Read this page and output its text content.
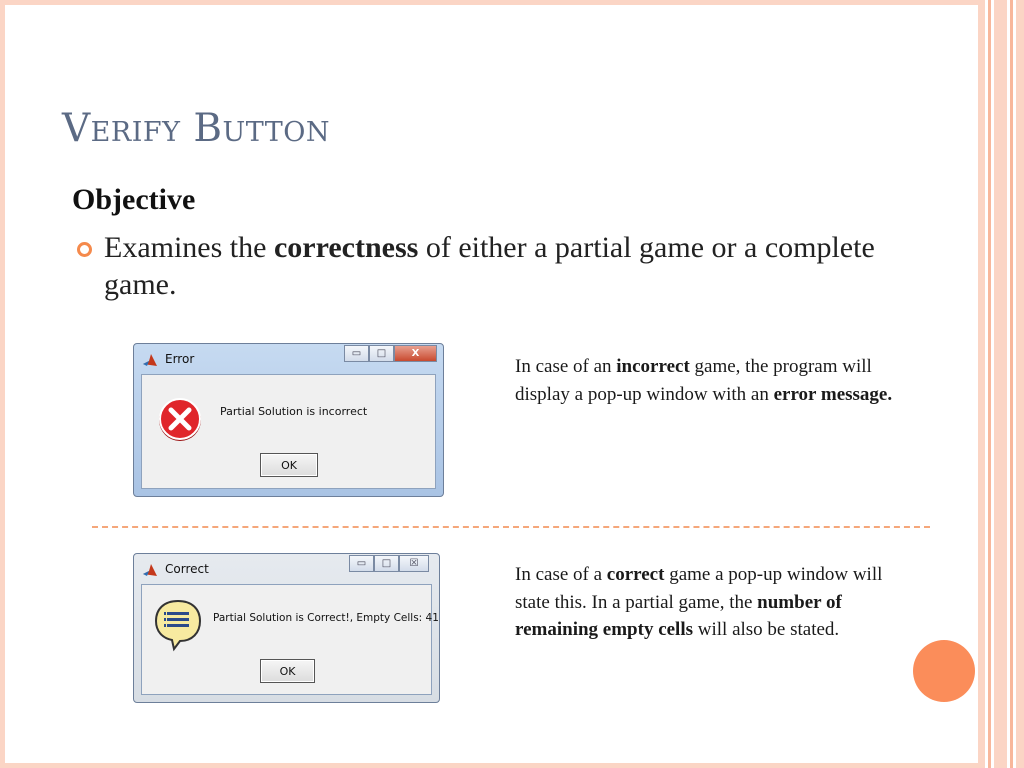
Verify Button
Objective
Examines the correctness of either a partial game or a complete game.
Error	▭	□	X
Partial Solution is incorrect
OK
In case of an incorrect game, the program will display a pop-up window with an error message.
Correct	▭	□	☒
Partial Solution is Correct!, Empty Cells: 41
OK
In case of a correct game a pop-up window will state this. In a partial game, the number of remaining empty cells will also be stated.
